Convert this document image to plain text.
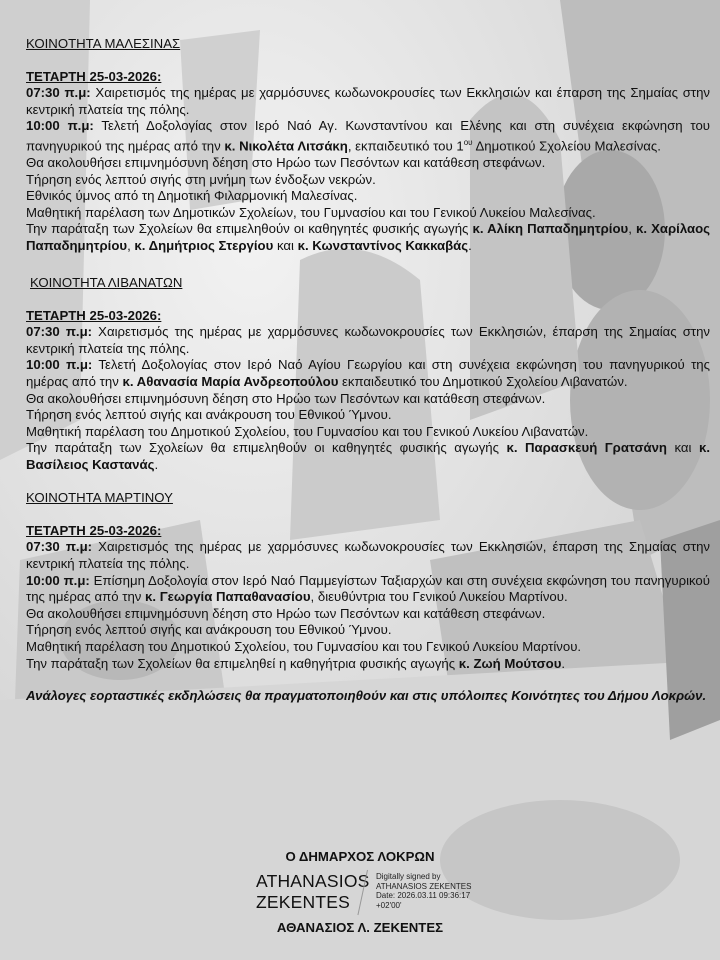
ΚΟΙΝΟΤΗΤΑ ΜΑΛΕΣΙΝΑΣ
ΤΕΤΑΡΤΗ 25-03-2026:
07:30 π.μ: Χαιρετισμός της ημέρας με χαρμόσυνες κωδωνοκρουσίες των Εκκλησιών και έπαρση της Σημαίας στην κεντρική πλατεία της πόλης.
10:00 π.μ: Τελετή Δοξολογίας στον Ιερό Ναό Αγ. Κωνσταντίνου και Ελένης και στη συνέχεια εκφώνηση του πανηγυρικού της ημέρας από την κ. Νικολέτα Λιτσάκη, εκπαιδευτικό του $1^{o\upsilon}$ Δημοτικού Σχολείου Μαλεσίνας.
Θα ακολουθήσει επιμνημόσυνη δέηση στο Ηρώο των Πεσόντων και κατάθεση στεφάνων.
Τήρηση ενός λεπτού σιγής στη μνήμη των ένδοξων νεκρών.
Εθνικός ύμνος από τη Δημοτική Φιλαρμονική Μαλεσίνας.
Μαθητική παρέλαση των Δημοτικών Σχολείων, του Γυμνασίου και του Γενικού Λυκείου Μαλεσίνας.
Την παράταξη των Σχολείων θα επιμεληθούν οι καθηγητές φυσικής αγωγής κ. Αλίκη Παπαδημητρίου, κ. Χαρίλαος Παπαδημητρίου, κ. Δημήτριος Στεργίου και κ. Κωνσταντίνος Κακκαβάς.
ΚΟΙΝΟΤΗΤΑ ΛΙΒΑΝΑΤΩΝ
ΤΕΤΑΡΤΗ 25-03-2026:
07:30 π.μ: Χαιρετισμός της ημέρας με χαρμόσυνες κωδωνοκρουσίες των Εκκλησιών, έπαρση της Σημαίας στην κεντρική πλατεία της πόλης.
10:00 π.μ: Τελετή Δοξολογίας στον Ιερό Ναό Αγίου Γεωργίου και στη συνέχεια εκφώνηση του πανηγυρικού της ημέρας από την κ. Αθανασία Μαρία Ανδρεοπούλου εκπαιδευτικό του Δημοτικού Σχολείου Λιβανατών.
Θα ακολουθήσει επιμνημόσυνη δέηση στο Ηρώο των Πεσόντων και κατάθεση στεφάνων.
Τήρηση ενός λεπτού σιγής και ανάκρουση του Εθνικού Ύμνου.
Μαθητική παρέλαση του Δημοτικού Σχολείου, του Γυμνασίου και του Γενικού Λυκείου Λιβανατών.
Την παράταξη των Σχολείων θα επιμεληθούν οι καθηγητές φυσικής αγωγής κ. Παρασκευή Γρατσάνη και κ. Βασίλειος Καστανάς.
ΚΟΙΝΟΤΗΤΑ ΜΑΡΤΙΝΟΥ
ΤΕΤΑΡΤΗ 25-03-2026:
07:30 π.μ: Χαιρετισμός της ημέρας με χαρμόσυνες κωδωνοκρουσίες των Εκκλησιών, έπαρση της Σημαίας στην κεντρική πλατεία της πόλης.
10:00 π.μ: Επίσημη Δοξολογία στον Ιερό Ναό Παμμεγίστων Ταξιαρχών και στη συνέχεια εκφώνηση του πανηγυρικού της ημέρας από την κ. Γεωργία Παπαθανασίου, διευθύντρια του Γενικού Λυκείου Μαρτίνου.
Θα ακολουθήσει επιμνημόσυνη δέηση στο Ηρώο των Πεσόντων και κατάθεση στεφάνων.
Τήρηση ενός λεπτού σιγής και ανάκρουση του Εθνικού Ύμνου.
Μαθητική παρέλαση του Δημοτικού Σχολείου, του Γυμνασίου και του Γενικού Λυκείου Μαρτίνου.
Την παράταξη των Σχολείων θα επιμεληθεί η καθηγήτρια φυσικής αγωγής κ. Ζωή Μούτσου.
Ανάλογες εορταστικές εκδηλώσεις θα πραγματοποιηθούν και στις υπόλοιπες Κοινότητες του Δήμου Λοκρών.
Ο ΔΗΜΑΡΧΟΣ ΛΟΚΡΩΝ
ATHANASIOS
ZEKENTES
Digitally signed by
ATHANASIOS ZEKENTES
Date: 2026.03.11 09:36:17
+02'00'
ΑΘΑΝΑΣΙΟΣ Λ. ΖΕΚΕΝΤΕΣ
